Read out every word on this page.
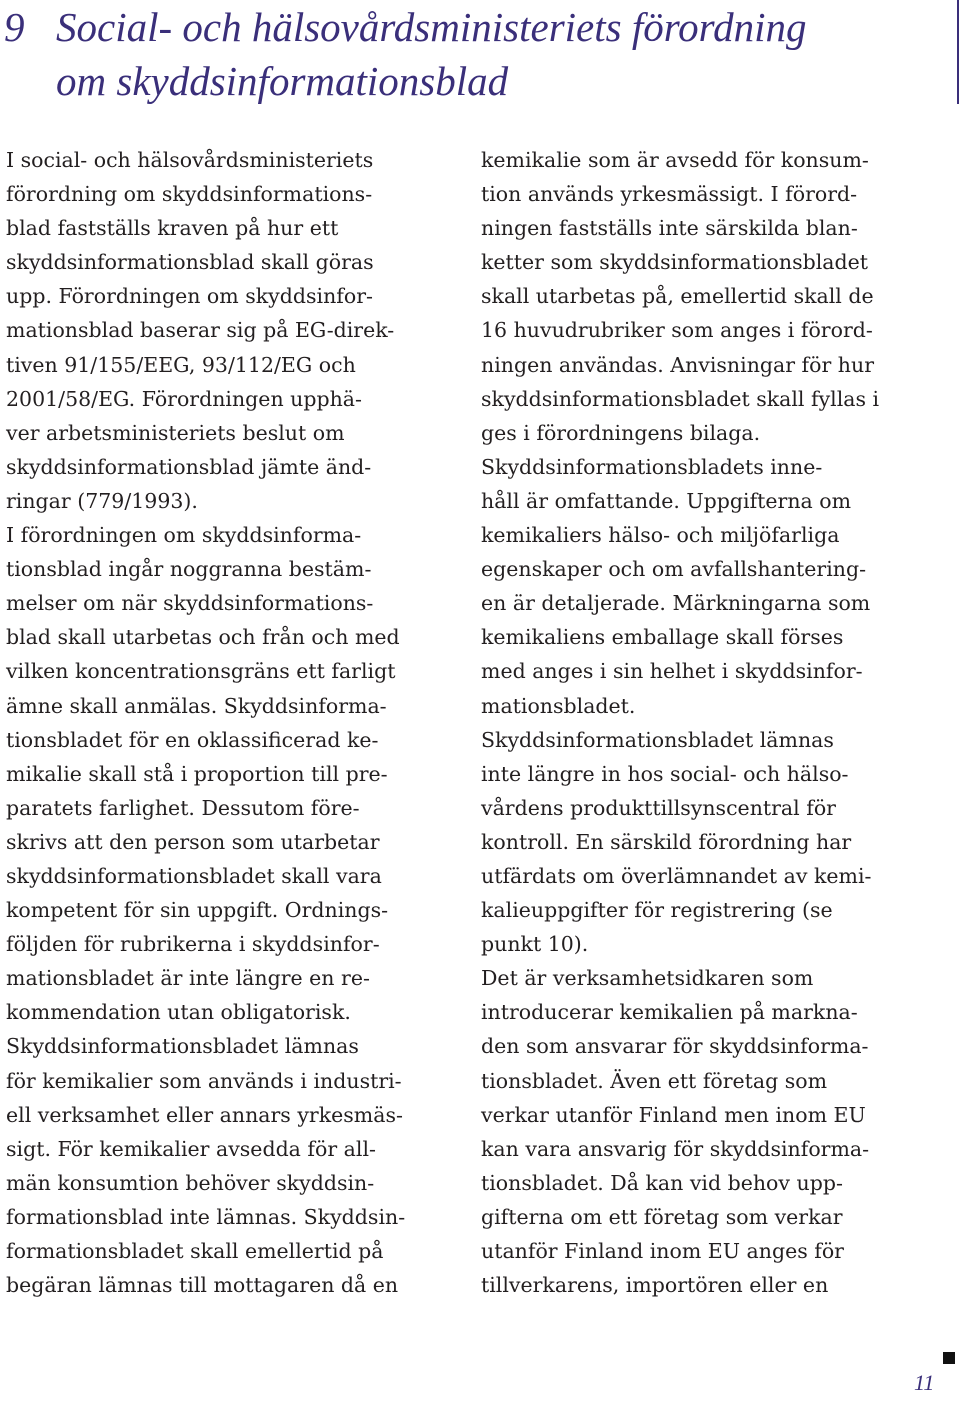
9 Social- och hälsovårdsministeriets förordning
om skyddsinformationsblad

I social- och hälsovårdsministeriets

förordning om skyddsinformations-

blad fastställs kraven på hur ett

skyddsinformationsblad skall göras

upp. Förordningen om skyddsinfor-

mationsblad baserar sig på EG-direk-

tiven 91/155/EEG, 93/112/EG och

2001/58/EG. Förordningen upphä-

ver arbetsministeriets beslut om

skyddsinformationsblad jämte änd-

ringar (779/1993).

I förordningen om skyddsinforma-

tionsblad ingår noggranna bestäm-

melser om när skyddsinformations-

blad skall utarbetas och från och med

vilken koncentrationsgräns ett farligt

ämne skall anmälas. Skyddsinforma-

tionsbladet för en oklassificerad ke-

mikalie skall stå i proportion till pre-

paratets farlighet. Dessutom före-

skrivs att den person som utarbetar

skyddsinformationsbladet skall vara

kompetent för sin uppgift. Ordnings-

följden för rubrikerna i skyddsinfor-

mationsbladet är inte längre en re-

kommendation utan obligatorisk.

Skyddsinformationsbladet lämnas

för kemikalier som används i industri-

ell verksamhet eller annars yrkesmäs-

sigt. För kemikalier avsedda för all-

män konsumtion behöver skyddsin-

formationsblad inte lämnas. Skyddsin-

formationsbladet skall emellertid på

begäran lämnas till mottagaren då en

kemikalie som är avsedd för konsum-

tion används yrkesmässigt. I förord-

ningen fastställs inte särskilda blan-

ketter som skyddsinformationsbladet

skall utarbetas på, emellertid skall de

16 huvudrubriker som anges i förord-

ningen användas. Anvisningar för hur

skyddsinformationsbladet skall fyllas i

ges i förordningens bilaga.

Skyddsinformationsbladets inne-

håll är omfattande. Uppgifterna om

kemikaliers hälso- och miljöfarliga

egenskaper och om avfallshantering-

en är detaljerade. Märkningarna som

kemikaliens emballage skall förses

med anges i sin helhet i skyddsinfor-

mationsbladet.

Skyddsinformationsbladet lämnas

inte längre in hos social- och hälso-

vårdens produkttillsynscentral för

kontroll. En särskild förordning har

utfärdats om överlämnandet av kemi-

kalieuppgifter för registrering (se

punkt 10).

Det är verksamhetsidkaren som

introducerar kemikalien på markna-

den som ansvarar för skyddsinforma-

tionsbladet. Även ett företag som

verkar utanför Finland men inom EU

kan vara ansvarig för skyddsinforma-

tionsbladet. Då kan vid behov upp-

gifterna om ett företag som verkar

utanför Finland inom EU anges för

tillverkarens, importören eller en

11
